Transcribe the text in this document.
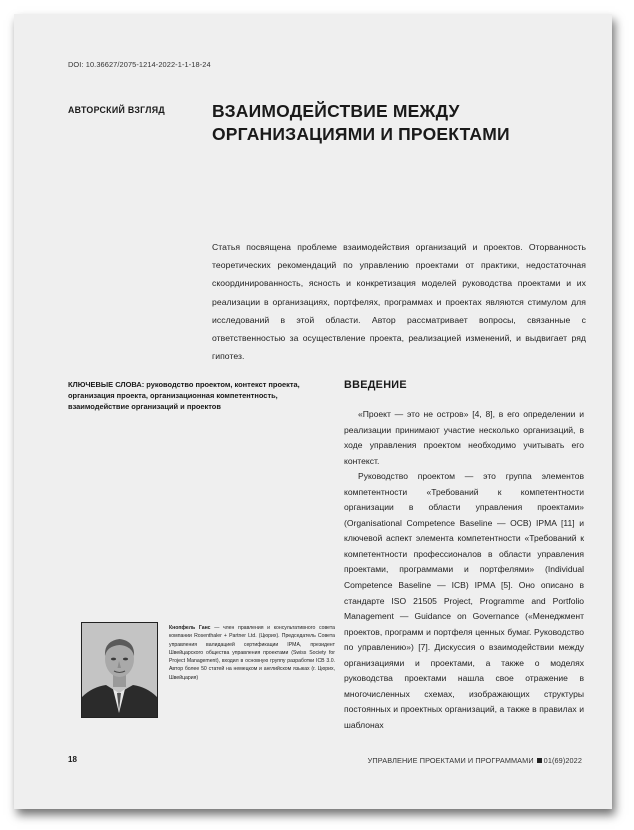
DOI: 10.36627/2075-1214-2022-1-1-18-24
АВТОРСКИЙ ВЗГЛЯД	ВЗАИМОДЕЙСТВИЕ МЕЖДУ ОРГАНИЗАЦИЯМИ И ПРОЕКТАМИ

Статья посвящена проблеме взаимодействия организаций и проектов. Оторванность теоретических рекомендаций по управлению проектами от практики, недостаточная скоординированность, ясность и конкретизация моделей руководства проектами и их реализации в организациях, портфелях, программах и проектах являются стимулом для исследований в этой области. Автор рассматривает вопросы, связанные с ответственностью за осуществление проекта, реализацией изменений, и выдвигает ряд гипотез.

КЛЮЧЕВЫЕ СЛОВА: руководство проектом, контекст проекта, организация проекта, организационная компетентность, взаимодействие организаций и проектов
ВВЕДЕНИЕ

«Проект — это не остров» [4, 8], в его определении и реализации принимают участие несколько организаций, в ходе управления проектом необходимо учитывать его контекст.

Руководство проектом — это группа элементов компетентности «Требований к компетентности организации в области управления проектами» (Organisational Competence Baseline — OCB) IPMA [11] и ключевой аспект элемента компетентности «Требований к компетентности профессионалов в области управления проектами, программами и портфелями» (Individual Competence Baseline — ICB) IPMA [5]. Оно описано в стандарте ISO 21505 Project, Programme and Portfolio Management — Guidance on Governance («Менеджмент проектов, программ и портфеля ценных бумаг. Руководство по управлению») [7]. Дискуссия о взаимодействии между организациями и проектами, а также о моделях руководства проектами нашла свое отражение в многочисленных схемах, изображающих структуры постоянных и проектных организаций, а также в правилах и шаблонах

Кнопфель Ганс — член правления и консультативного совета компании Rosenthaler + Partner Ltd. (Цюрих). Председатель Совета управления валидацией сертификации IPMA, президент Швейцарского общества управления проектами (Swiss Society for Project Management), входил в основную группу разработки ICB 3.0. Автор более 50 статей на немецком и английском языках (г. Цюрих, Швейцария)

18	УПРАВЛЕНИЕ ПРОЕКТАМИ И ПРОГРАММАМИ 01(69)2022
